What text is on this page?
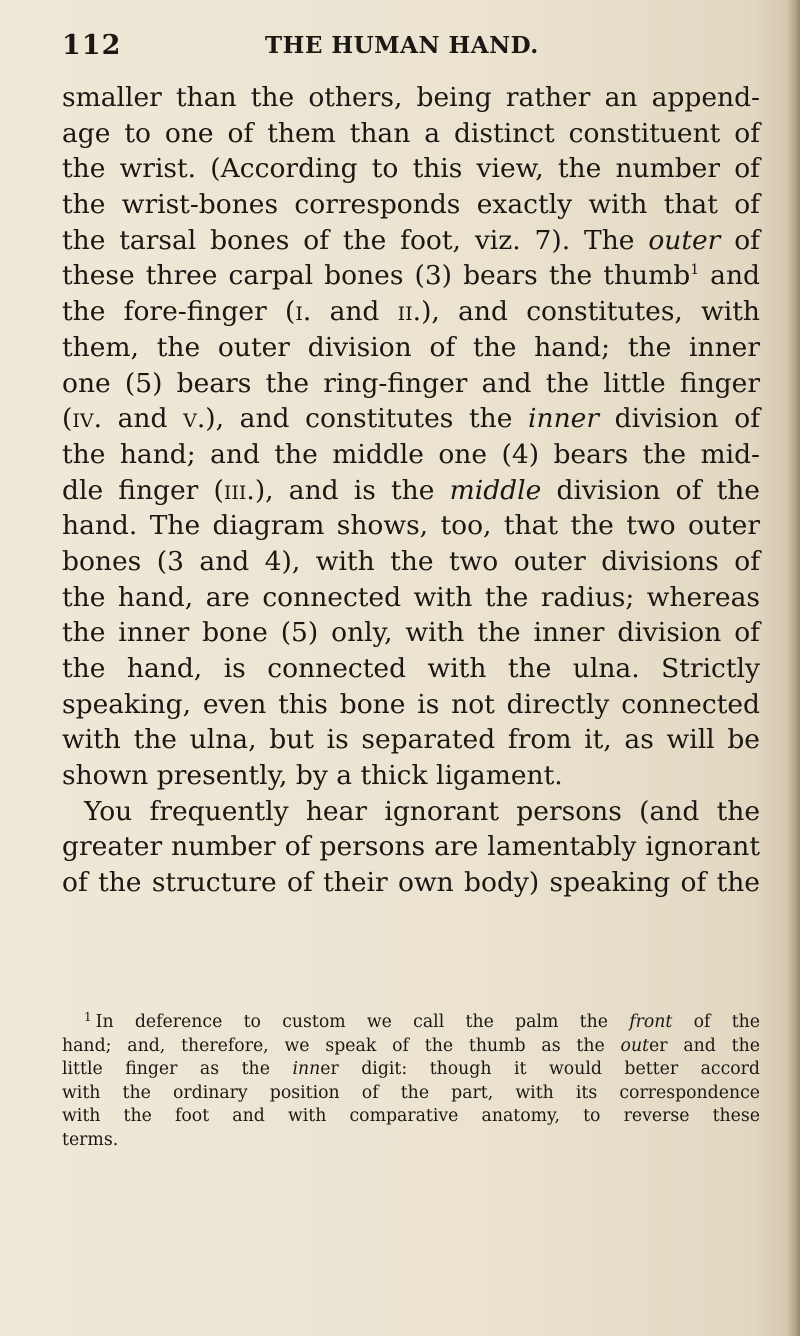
112	THE HUMAN HAND.
smaller than the others, being rather an append-
age to one of them than a distinct constituent of
the wrist. (According to this view, the number of
the wrist-bones corresponds exactly with that of
the tarsal bones of the foot, viz. 7). The outer of
these three carpal bones (3) bears the thumb$^1$ and
the fore-finger (i. and ii.), and constitutes, with
them, the outer division of the hand; the inner
one (5) bears the ring-finger and the little finger
(iv. and v.), and constitutes the inner division of
the hand; and the middle one (4) bears the mid-
dle finger (iii.), and is the middle division of the
hand. The diagram shows, too, that the two outer
bones (3 and 4), with the two outer divisions of
the hand, are connected with the radius; whereas
the inner bone (5) only, with the inner division of
the hand, is connected with the ulna. Strictly
speaking, even this bone is not directly connected
with the ulna, but is separated from it, as will be
shown presently, by a thick ligament.
You frequently hear ignorant persons (and the
greater number of persons are lamentably ignorant
of the structure of their own body) speaking of the
$^1$ In deference to custom we call the palm the front of the
hand; and, therefore, we speak of the thumb as the outer and the
little finger as the inner digit: though it would better accord
with the ordinary position of the part, with its correspondence
with the foot and with comparative anatomy, to reverse these
terms.
